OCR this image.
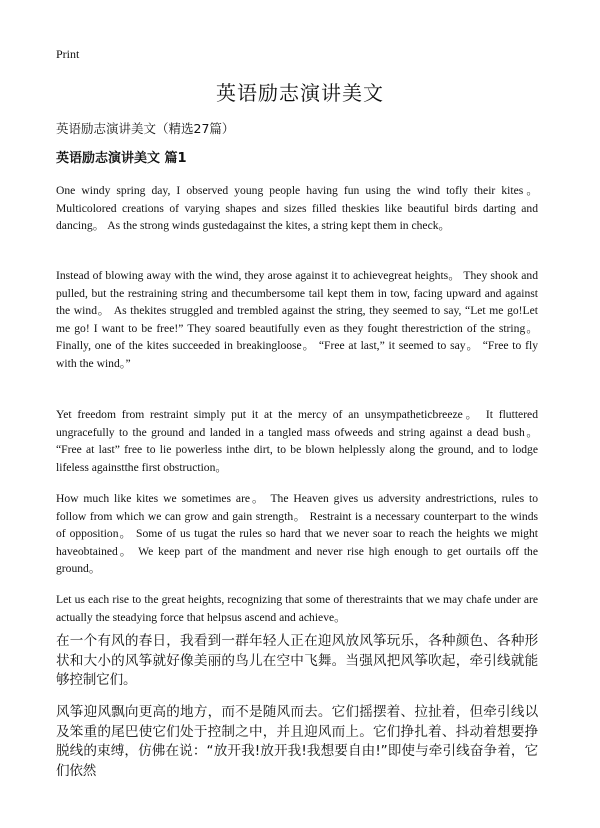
Print
英语励志演讲美文
英语励志演讲美文（精选27篇）
英语励志演讲美文 篇1

One windy spring day, I observed young people having fun using the wind tofly their kites。 Multicolored creations of varying shapes and sizes filled theskies like beautiful birds darting and dancing。 As the strong winds gustedagainst the kites, a string kept them in check。

Instead of blowing away with the wind, they arose against it to achievegreat heights。 They shook and pulled, but the restraining string and thecumbersome tail kept them in tow, facing upward and against the wind。 As thekites struggled and trembled against the string, they seemed to say, “Let me go!Let me go! I want to be free!” They soared beautifully even as they fought therestriction of the string。 Finally, one of the kites succeeded in breakingloose。 “Free at last,” it seemed to say。 “Free to fly with the wind。”

Yet freedom from restraint simply put it at the mercy of an unsympatheticbreeze。 It fluttered ungracefully to the ground and landed in a tangled mass ofweeds and string against a dead bush。 “Free at last” free to lie powerless inthe dirt, to be blown helplessly along the ground, and to lodge lifeless againstthe first obstruction。

How much like kites we sometimes are。 The Heaven gives us adversity andrestrictions, rules to follow from which we can grow and gain strength。 Restraint is a necessary counterpart to the winds of opposition。 Some of us tugat the rules so hard that we never soar to reach the heights we might haveobtained。 We keep part of the mandment and never rise high enough to get ourtails off the ground。

Let us each rise to the great heights, recognizing that some of therestraints that we may chafe under are actually the steadying force that helpsus ascend and achieve。

在一个有风的春日，我看到一群年轻人正在迎风放风筝玩乐，各种颜色、各种形状和大小的风筝就好像美丽的鸟儿在空中飞舞。当强风把风筝吹起，牵引线就能够控制它们。

风筝迎风飘向更高的地方，而不是随风而去。它们摇摆着、拉扯着，但牵引线以及笨重的尾巴使它们处于控制之中，并且迎风而上。它们挣扎着、抖动着想要挣脱线的束缚，仿佛在说：“放开我!放开我!我想要自由!”即使与牵引线奋争着，它们依然
